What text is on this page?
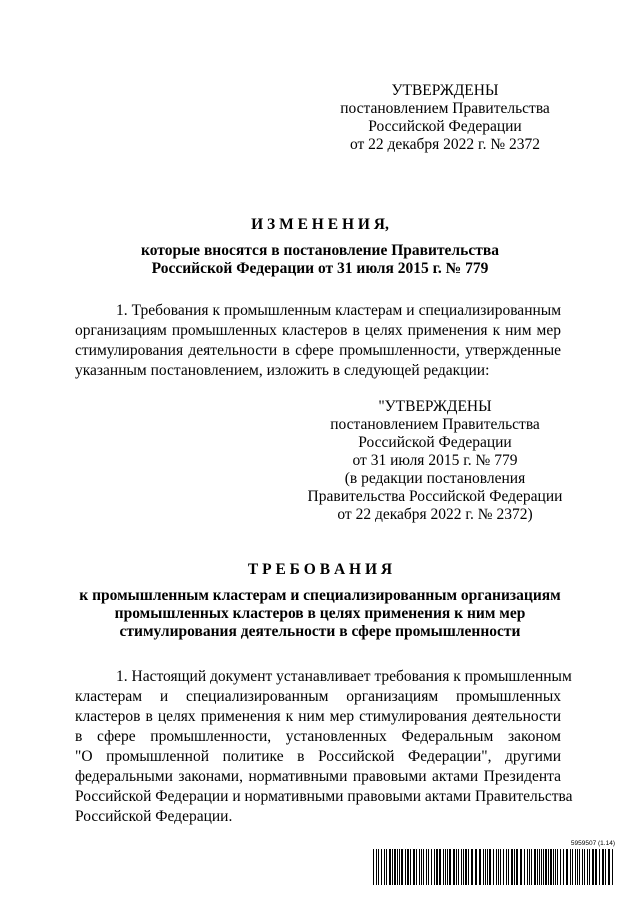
УТВЕРЖДЕНЫ
постановлением Правительства
Российской Федерации
от 22 декабря 2022 г. № 2372
И З М Е Н Е Н И Я,
которые вносятся в постановление Правительства
Российской Федерации от 31 июля 2015 г. № 779
1. Требования к промышленным кластерам и специализированным
организациям промышленных кластеров в целях применения к ним мер
стимулирования деятельности в сфере промышленности, утвержденные
указанным постановлением, изложить в следующей редакции:
"УТВЕРЖДЕНЫ
постановлением Правительства
Российской Федерации
от 31 июля 2015 г. № 779
(в редакции постановления
Правительства Российской Федерации
от 22 декабря 2022 г. № 2372)
Т Р Е Б О В А Н И Я
к промышленным кластерам и специализированным организациям
промышленных кластеров в целях применения к ним мер
стимулирования деятельности в сфере промышленности
1. Настоящий документ устанавливает требования к промышленным
кластерам и специализированным организациям промышленных
кластеров в целях применения к ним мер стимулирования деятельности
в сфере промышленности, установленных Федеральным законом
"О промышленной политике в Российской Федерации", другими
федеральными законами, нормативными правовыми актами Президента
Российской Федерации и нормативными правовыми актами Правительства
Российской Федерации.
5959507 (1.14)
